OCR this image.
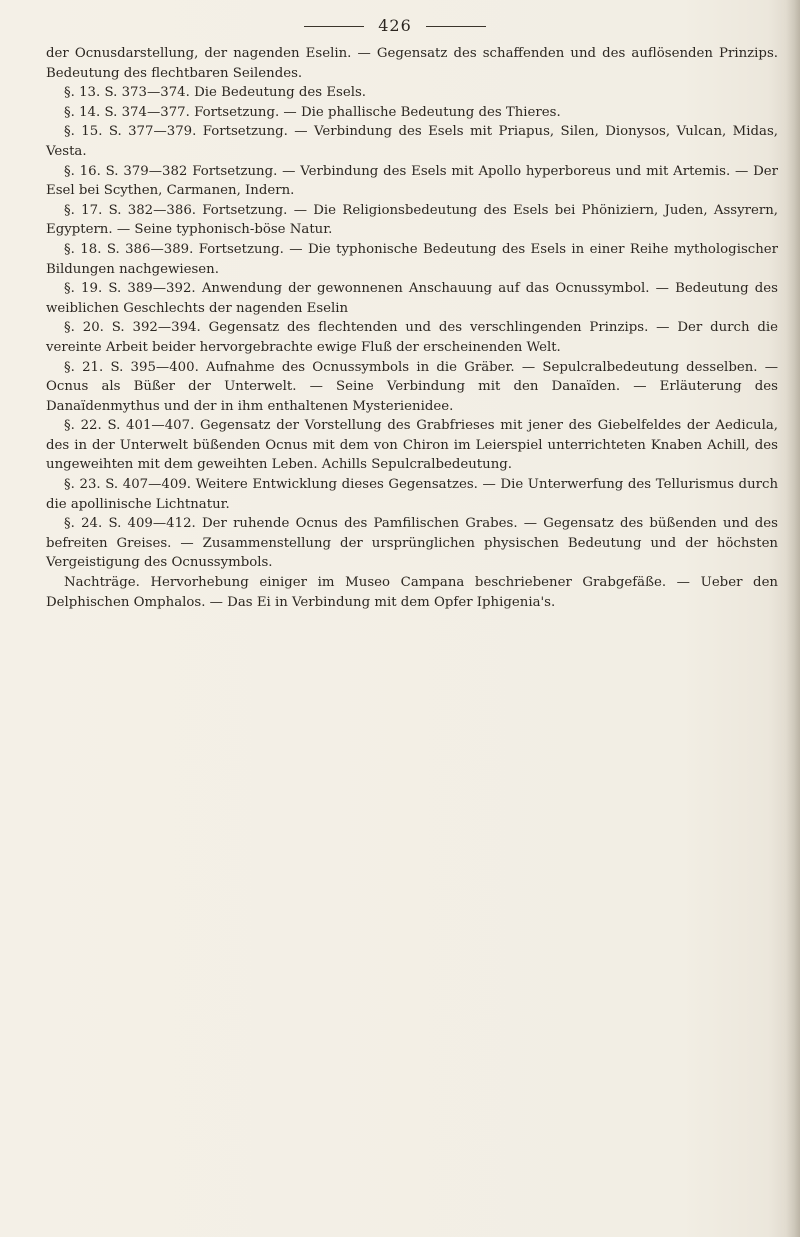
426

der Ocnusdarstellung, der nagenden Eselin. — Gegensatz des schaffenden und des auflösenden Prinzips. Bedeutung des flechtbaren Seilendes.

§. 13. S. 373—374. Die Bedeutung des Esels.

§. 14. S. 374—377. Fortsetzung. — Die phallische Bedeutung des Thieres.

§. 15. S. 377—379. Fortsetzung. — Verbindung des Esels mit Priapus, Silen, Dionysos, Vulcan, Midas, Vesta.

§. 16. S. 379—382 Fortsetzung. — Verbindung des Esels mit Apollo hyperboreus und mit Artemis. — Der Esel bei Scythen, Carmanen, Indern.

§. 17. S. 382—386. Fortsetzung. — Die Religionsbedeutung des Esels bei Phöniziern, Juden, Assyrern, Egyptern. — Seine typhonisch-böse Natur.

§. 18. S. 386—389. Fortsetzung. — Die typhonische Bedeutung des Esels in einer Reihe mythologischer Bildungen nachgewiesen.

§. 19. S. 389—392. Anwendung der gewonnenen Anschauung auf das Ocnussymbol. — Bedeutung des weiblichen Geschlechts der nagenden Eselin

§. 20. S. 392—394. Gegensatz des flechtenden und des verschlingenden Prinzips. — Der durch die vereinte Arbeit beider hervorgebrachte ewige Fluß der erscheinenden Welt.

§. 21. S. 395—400. Aufnahme des Ocnussymbols in die Gräber. — Sepulcralbedeutung desselben. — Ocnus als Büßer der Unterwelt. — Seine Verbindung mit den Danaïden. — Erläuterung des Danaïdenmythus und der in ihm enthaltenen Mysterienidee.

§. 22. S. 401—407. Gegensatz der Vorstellung des Grabfrieses mit jener des Giebelfeldes der Aedicula, des in der Unterwelt büßenden Ocnus mit dem von Chiron im Leierspiel unterrichteten Knaben Achill, des ungeweihten mit dem geweihten Leben. Achills Sepulcralbedeutung.

§. 23. S. 407—409. Weitere Entwicklung dieses Gegensatzes. — Die Unterwerfung des Tellurismus durch die apollinische Lichtnatur.

§. 24. S. 409—412. Der ruhende Ocnus des Pamfilischen Grabes. — Gegensatz des büßenden und des befreiten Greises. — Zusammenstellung der ursprünglichen physischen Bedeutung und der höchsten Vergeistigung des Ocnussymbols.

Nachträge. Hervorhebung einiger im Museo Campana beschriebener Grabgefäße. — Ueber den Delphischen Omphalos. — Das Ei in Verbindung mit dem Opfer Iphigenia's.
